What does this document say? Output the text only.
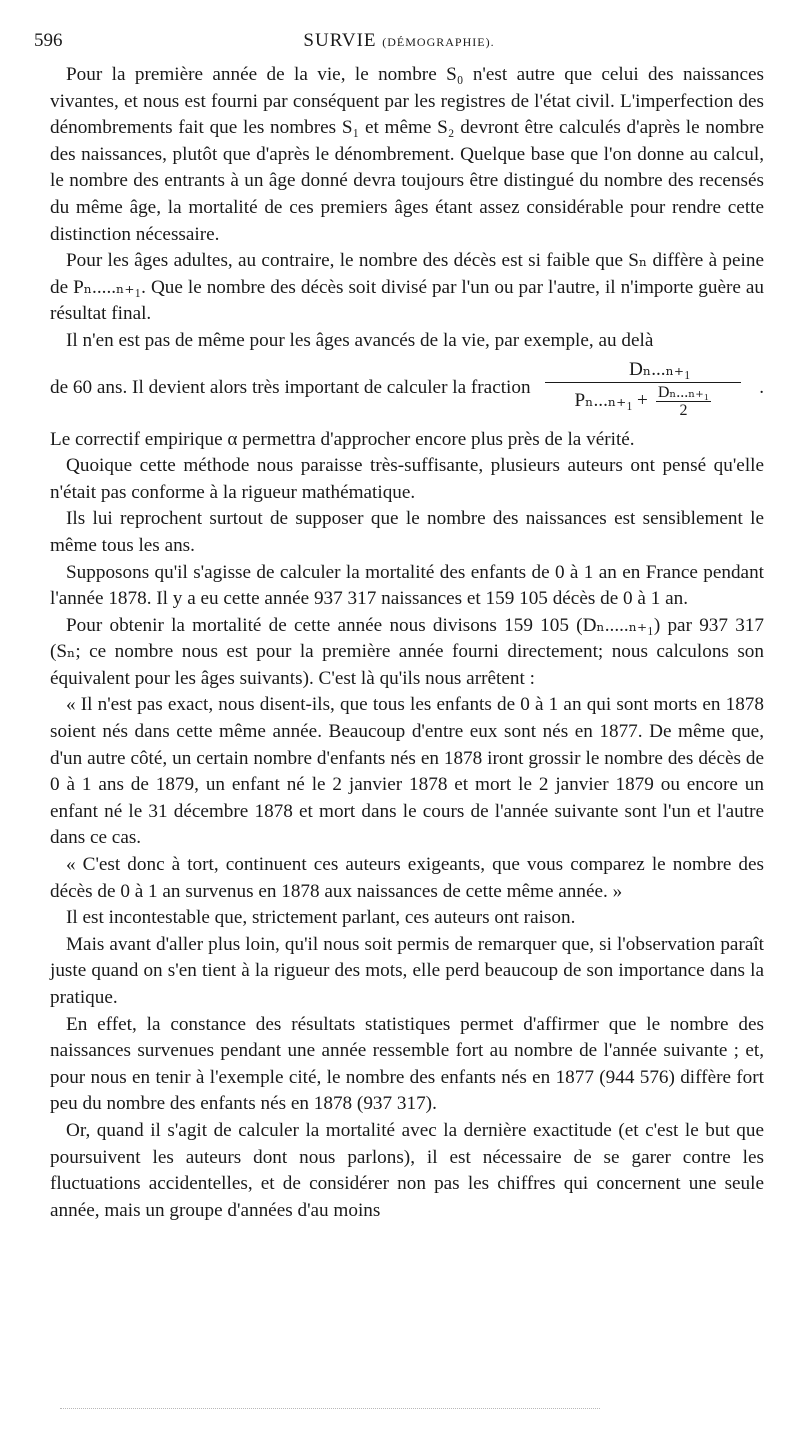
596	SURVIE (DÉMOGRAPHIE).

Pour la première année de la vie, le nombre S₀ n'est autre que celui des naissances vivantes, et nous est fourni par conséquent par les registres de l'état civil. L'imperfection des dénombrements fait que les nombres S₁ et même S₂ devront être calculés d'après le nombre des naissances, plutôt que d'après le dénombrement. Quelque base que l'on donne au calcul, le nombre des entrants à un âge donné devra toujours être distingué du nombre des recensés du même âge, la mortalité de ces premiers âges étant assez considérable pour rendre cette distinction nécessaire.

Pour les âges adultes, au contraire, le nombre des décès est si faible que Sₙ diffère à peine de Pₙ.....ₙ₊₁. Que le nombre des décès soit divisé par l'un ou par l'autre, il n'importe guère au résultat final.

Il n'en est pas de même pour les âges avancés de la vie, par exemple, au delà

de 60 ans. Il devient alors très important de calculer la fraction
Dₙ...ₙ₊₁
$P_n..._{n+1} + \frac{\text{Dₙ...ₙ₊₁}}{2}$ .

Le correctif empirique α permettra d'approcher encore plus près de la vérité.

Quoique cette méthode nous paraisse très-suffisante, plusieurs auteurs ont pensé qu'elle n'était pas conforme à la rigueur mathématique.

Ils lui reprochent surtout de supposer que le nombre des naissances est sensiblement le même tous les ans.

Supposons qu'il s'agisse de calculer la mortalité des enfants de 0 à 1 an en France pendant l'année 1878. Il y a eu cette année 937 317 naissances et 159 105 décès de 0 à 1 an.

Pour obtenir la mortalité de cette année nous divisons 159 105 (Dₙ.....ₙ₊₁) par 937 317 (Sₙ; ce nombre nous est pour la première année fourni directement; nous calculons son équivalent pour les âges suivants). C'est là qu'ils nous arrêtent :

« Il n'est pas exact, nous disent-ils, que tous les enfants de 0 à 1 an qui sont morts en 1878 soient nés dans cette même année. Beaucoup d'entre eux sont nés en 1877. De même que, d'un autre côté, un certain nombre d'enfants nés en 1878 iront grossir le nombre des décès de 0 à 1 ans de 1879, un enfant né le 2 janvier 1878 et mort le 2 janvier 1879 ou encore un enfant né le 31 décembre 1878 et mort dans le cours de l'année suivante sont l'un et l'autre dans ce cas.

« C'est donc à tort, continuent ces auteurs exigeants, que vous comparez le nombre des décès de 0 à 1 an survenus en 1878 aux naissances de cette même année. »

Il est incontestable que, strictement parlant, ces auteurs ont raison.

Mais avant d'aller plus loin, qu'il nous soit permis de remarquer que, si l'observation paraît juste quand on s'en tient à la rigueur des mots, elle perd beaucoup de son importance dans la pratique.

En effet, la constance des résultats statistiques permet d'affirmer que le nombre des naissances survenues pendant une année ressemble fort au nombre de l'année suivante ; et, pour nous en tenir à l'exemple cité, le nombre des enfants nés en 1877 (944 576) diffère fort peu du nombre des enfants nés en 1878 (937 317).

Or, quand il s'agit de calculer la mortalité avec la dernière exactitude (et c'est le but que poursuivent les auteurs dont nous parlons), il est nécessaire de se garer contre les fluctuations accidentelles, et de considérer non pas les chiffres qui concernent une seule année, mais un groupe d'années d'au moins
